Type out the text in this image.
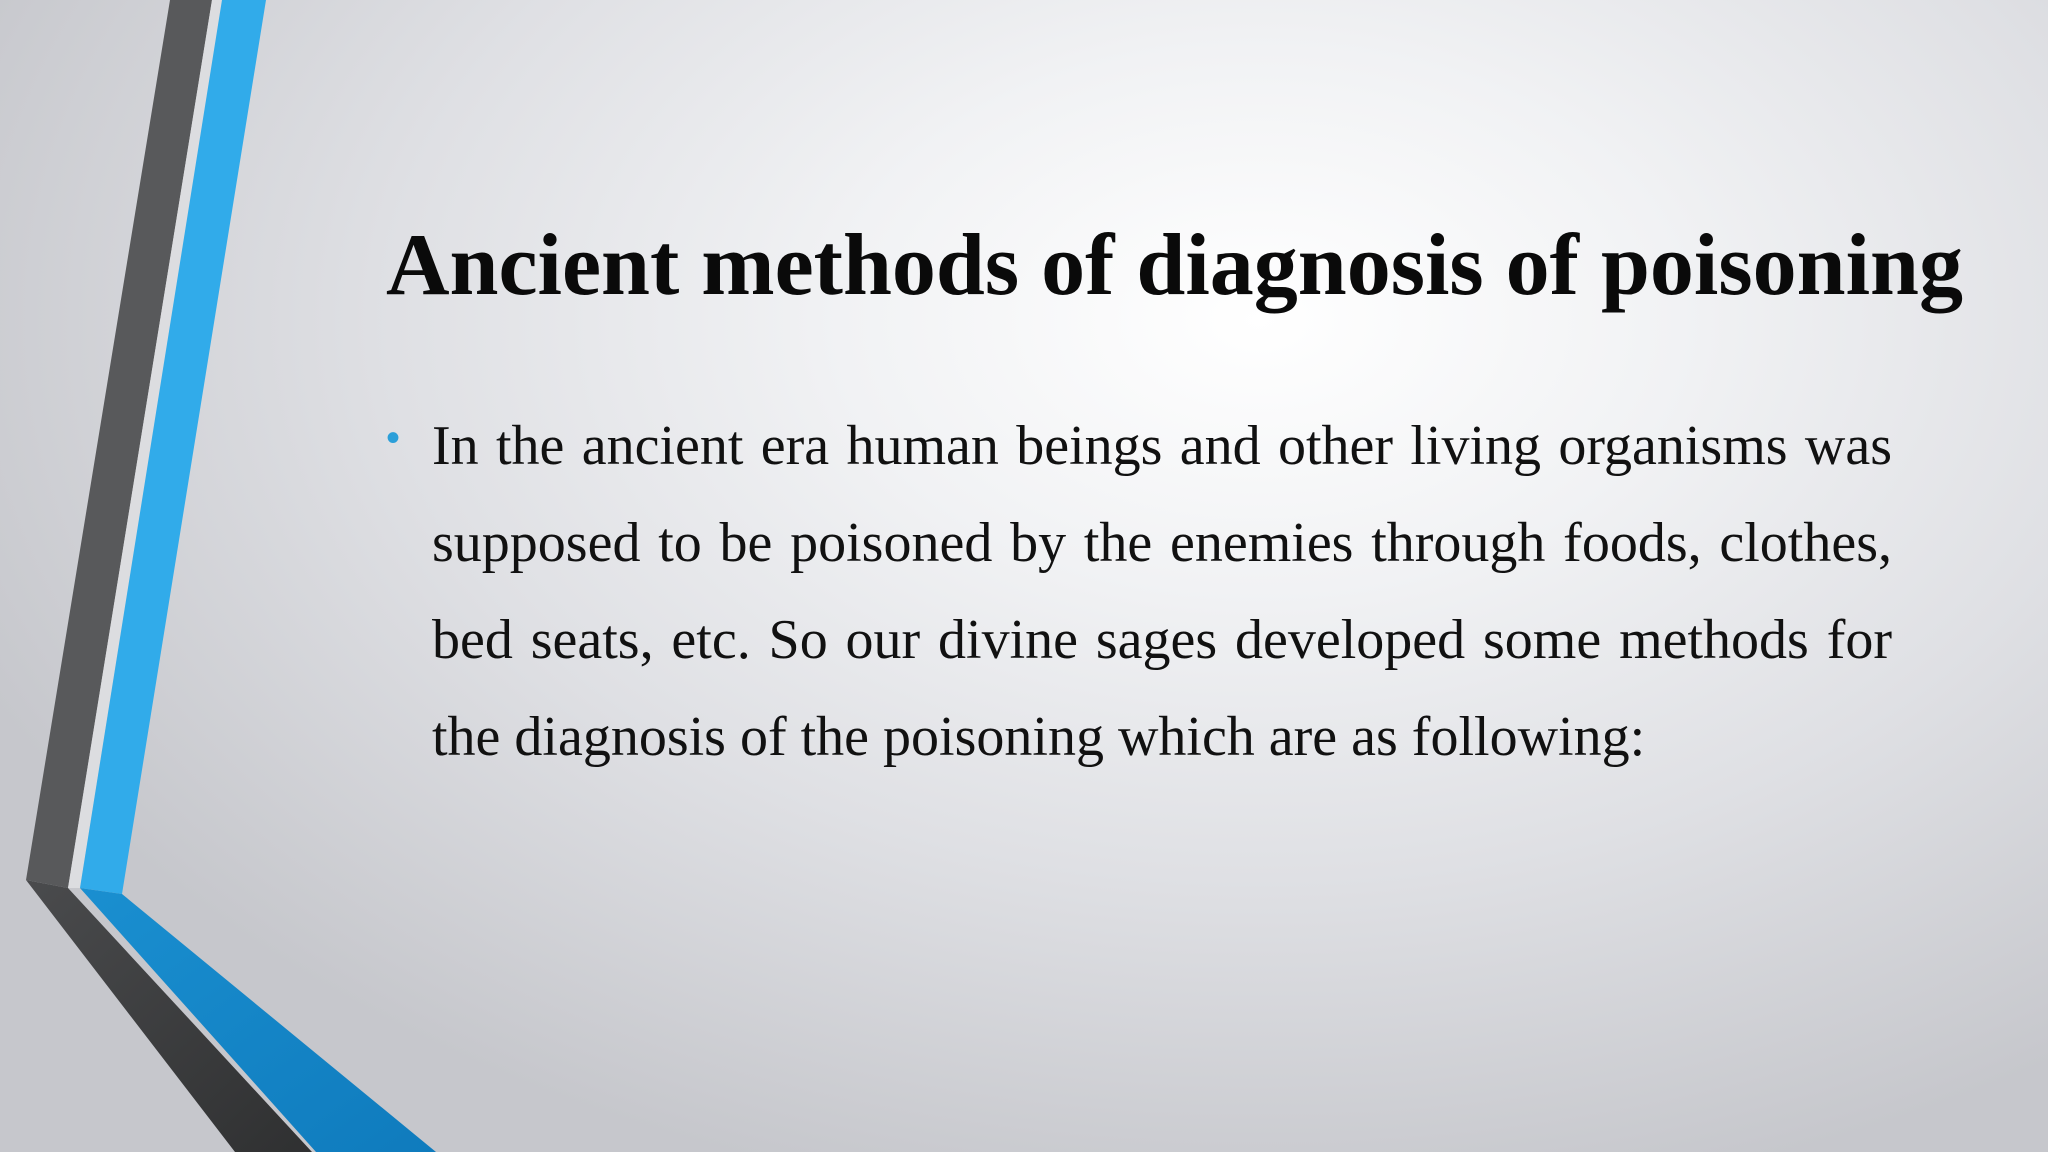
Ancient methods of diagnosis of poisoning
• In the ancient era human beings and other living organisms was supposed to be poisoned by the enemies through foods, clothes, bed seats, etc. So our divine sages developed some methods for the diagnosis of the poisoning which are as following:
